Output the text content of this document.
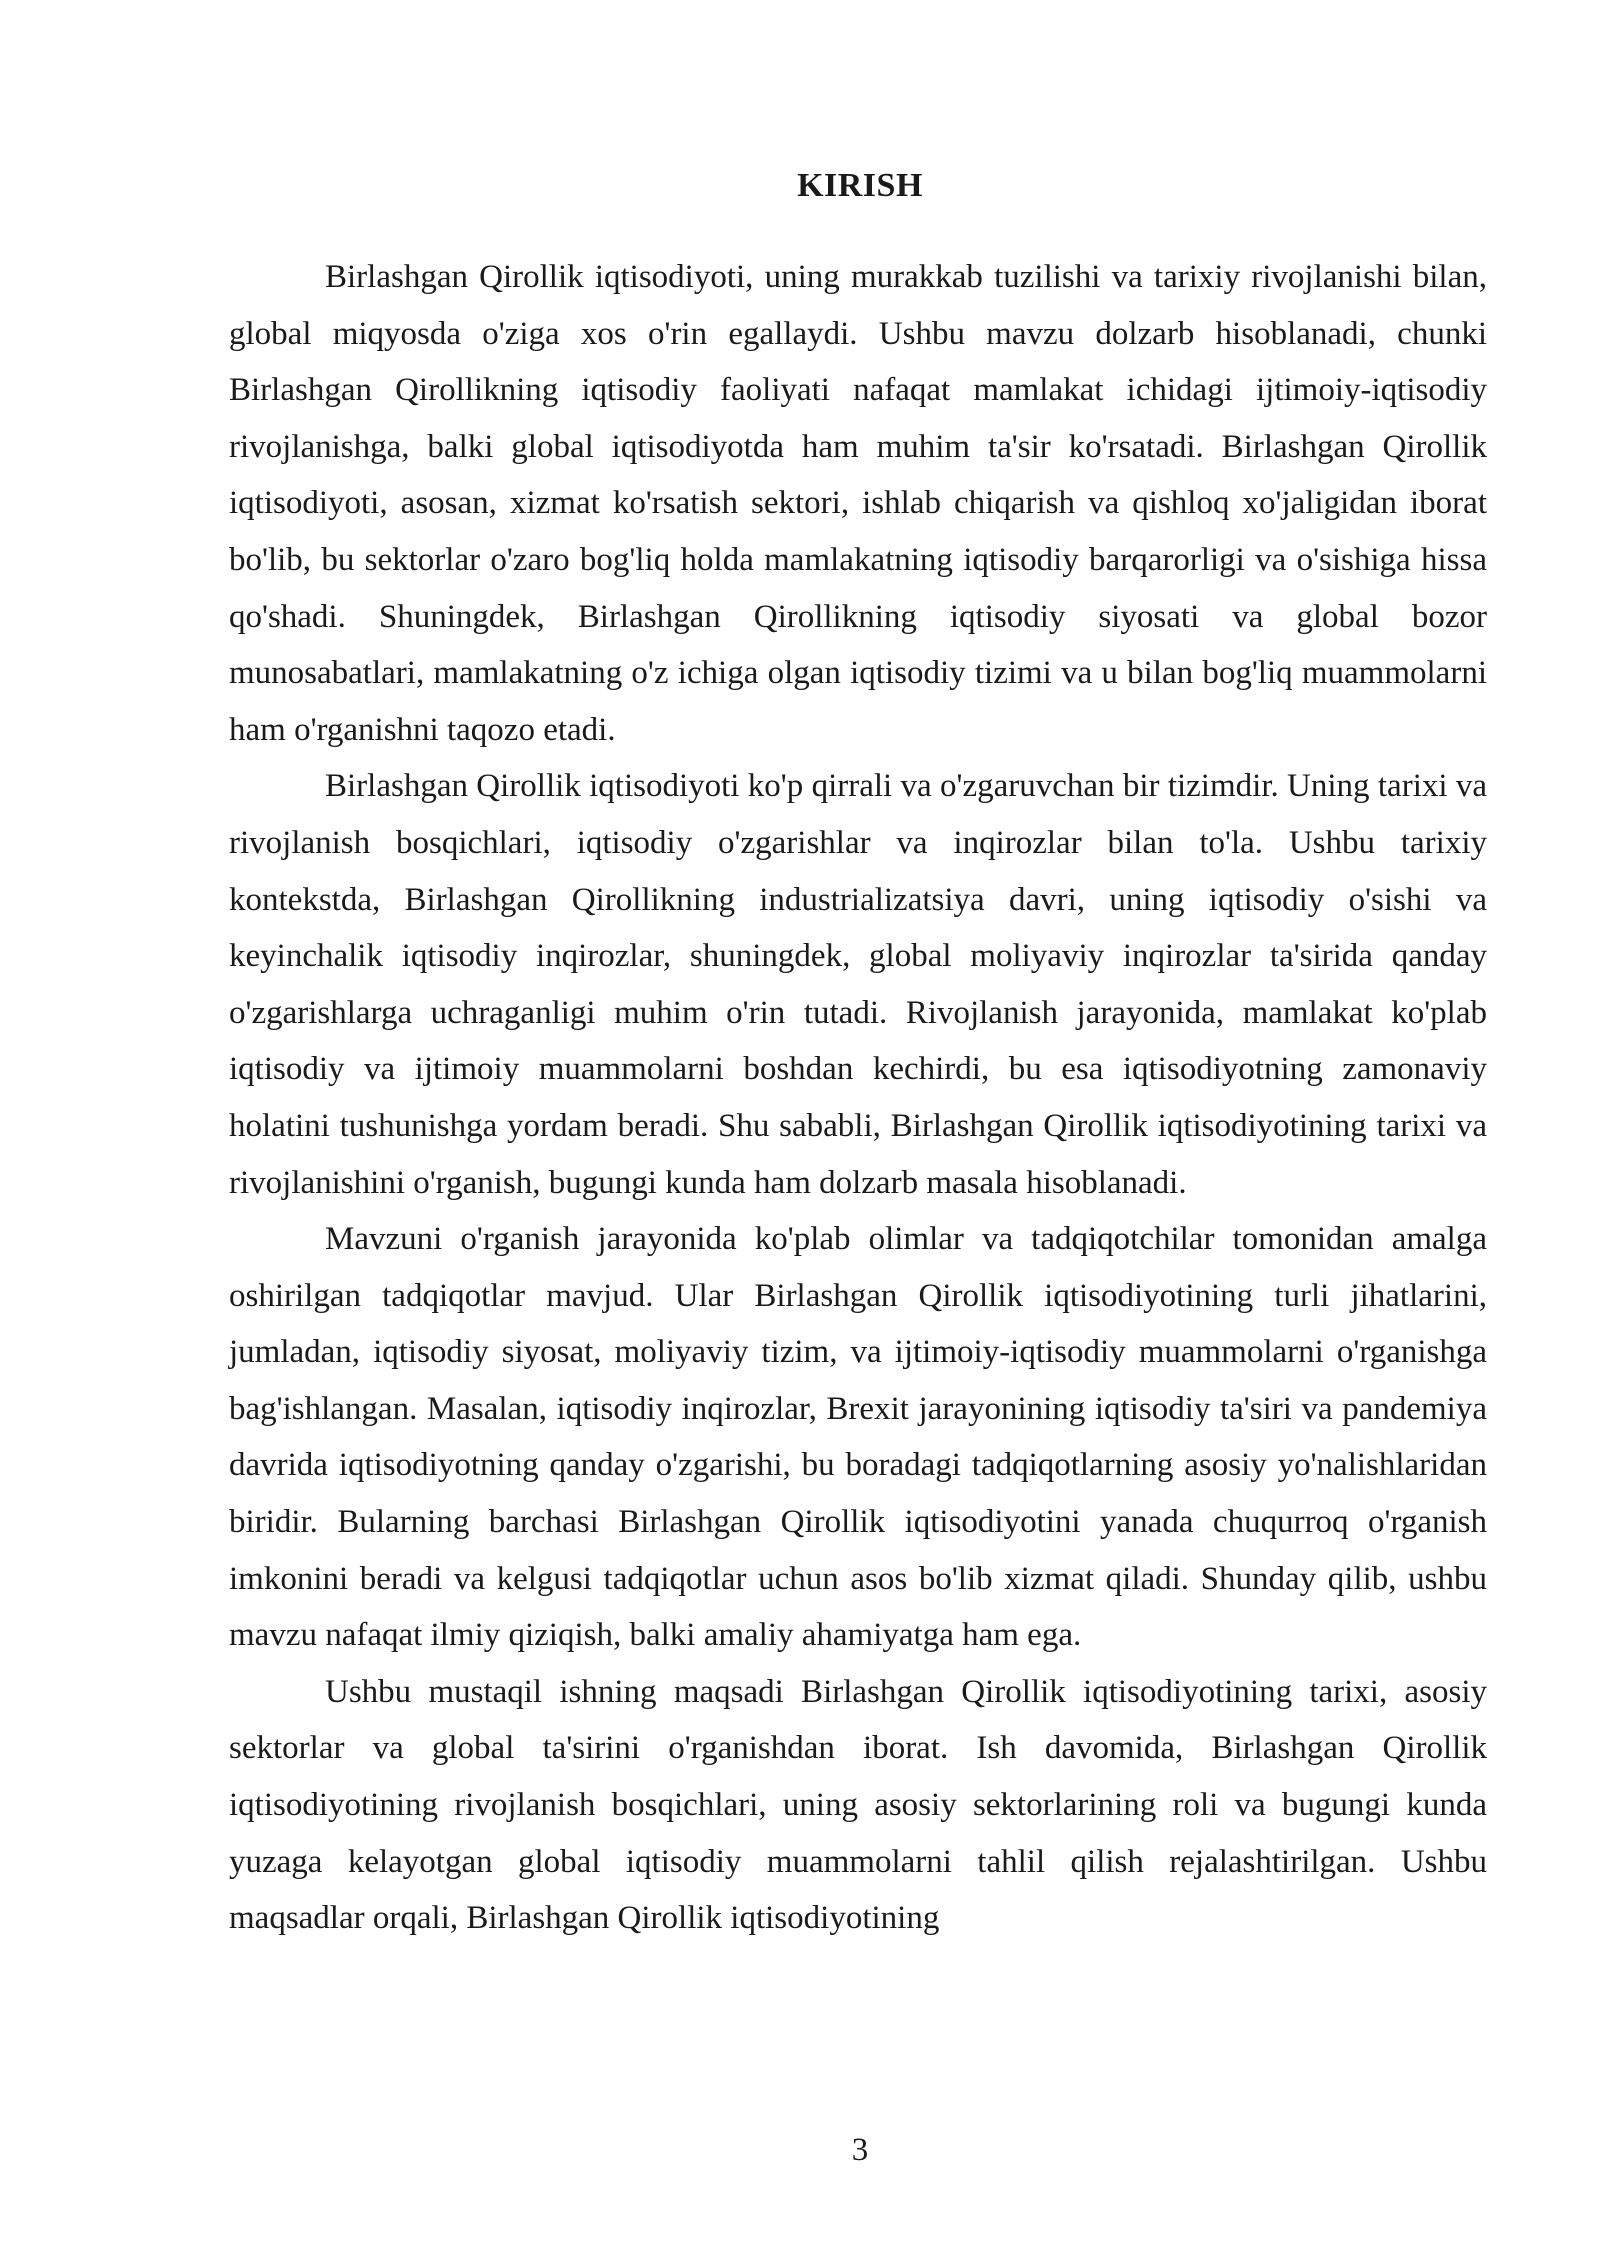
KIRISH

Birlashgan Qirollik iqtisodiyoti, uning murakkab tuzilishi va tarixiy rivojlanishi bilan, global miqyosda o'ziga xos o'rin egallaydi. Ushbu mavzu dolzarb hisoblanadi, chunki Birlashgan Qirollikning iqtisodiy faoliyati nafaqat mamlakat ichidagi ijtimoiy-iqtisodiy rivojlanishga, balki global iqtisodiyotda ham muhim ta'sir ko'rsatadi. Birlashgan Qirollik iqtisodiyoti, asosan, xizmat ko'rsatish sektori, ishlab chiqarish va qishloq xo'jaligidan iborat bo'lib, bu sektorlar o'zaro bog'liq holda mamlakatning iqtisodiy barqarorligi va o'sishiga hissa qo'shadi. Shuningdek, Birlashgan Qirollikning iqtisodiy siyosati va global bozor munosabatlari, mamlakatning o'z ichiga olgan iqtisodiy tizimi va u bilan bog'liq muammolarni ham o'rganishni taqozo etadi.

Birlashgan Qirollik iqtisodiyoti ko'p qirrali va o'zgaruvchan bir tizimdir. Uning tarixi va rivojlanish bosqichlari, iqtisodiy o'zgarishlar va inqirozlar bilan to'la. Ushbu tarixiy kontekstda, Birlashgan Qirollikning industrializatsiya davri, uning iqtisodiy o'sishi va keyinchalik iqtisodiy inqirozlar, shuningdek, global moliyaviy inqirozlar ta'sirida qanday o'zgarishlarga uchraganligi muhim o'rin tutadi. Rivojlanish jarayonida, mamlakat ko'plab iqtisodiy va ijtimoiy muammolarni boshdan kechirdi, bu esa iqtisodiyotning zamonaviy holatini tushunishga yordam beradi. Shu sababli, Birlashgan Qirollik iqtisodiyotining tarixi va rivojlanishini o'rganish, bugungi kunda ham dolzarb masala hisoblanadi.

Mavzuni o'rganish jarayonida ko'plab olimlar va tadqiqotchilar tomonidan amalga oshirilgan tadqiqotlar mavjud. Ular Birlashgan Qirollik iqtisodiyotining turli jihatlarini, jumladan, iqtisodiy siyosat, moliyaviy tizim, va ijtimoiy-iqtisodiy muammolarni o'rganishga bag'ishlangan. Masalan, iqtisodiy inqirozlar, Brexit jarayonining iqtisodiy ta'siri va pandemiya davrida iqtisodiyotning qanday o'zgarishi, bu boradagi tadqiqotlarning asosiy yo'nalishlaridan biridir. Bularning barchasi Birlashgan Qirollik iqtisodiyotini yanada chuqurroq o'rganish imkonini beradi va kelgusi tadqiqotlar uchun asos bo'lib xizmat qiladi. Shunday qilib, ushbu mavzu nafaqat ilmiy qiziqish, balki amaliy ahamiyatga ham ega.

Ushbu mustaqil ishning maqsadi Birlashgan Qirollik iqtisodiyotining tarixi, asosiy sektorlar va global ta'sirini o'rganishdan iborat. Ish davomida, Birlashgan Qirollik iqtisodiyotining rivojlanish bosqichlari, uning asosiy sektorlarining roli va bugungi kunda yuzaga kelayotgan global iqtisodiy muammolarni tahlil qilish rejalashtirilgan. Ushbu maqsadlar orqali, Birlashgan Qirollik iqtisodiyotining

3
